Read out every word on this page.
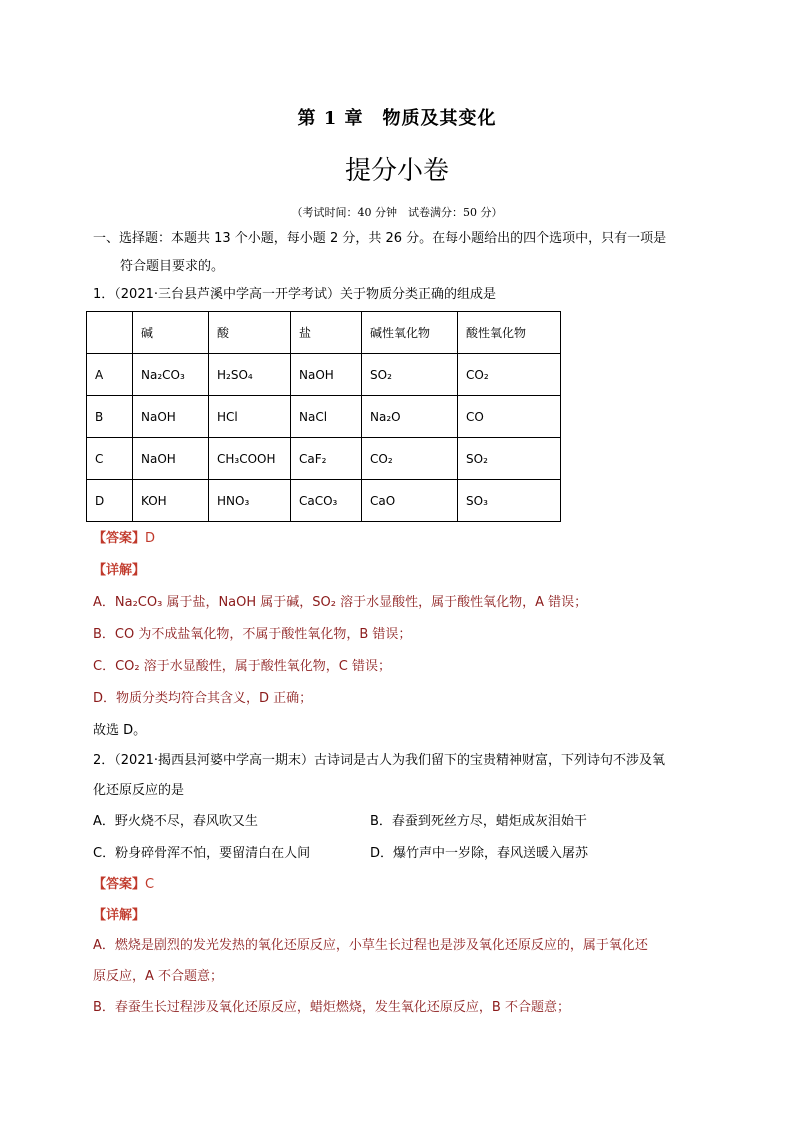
第 1 章　物质及其变化
提分小卷
（考试时间：40 分钟　试卷满分：50 分）
一、选择题：本题共 13 个小题，每小题 2 分，共 26 分。在每小题给出的四个选项中，只有一项是
符合题目要求的。
1．（2021·三台县芦溪中学高一开学考试）关于物质分类正确的组成是
	碱	酸	盐	碱性氧化物	酸性氧化物
A	Na₂CO₃	H₂SO₄	NaOH	SO₂	CO₂
B	NaOH	HCl	NaCl	Na₂O	CO
C	NaOH	CH₃COOH	CaF₂	CO₂	SO₂
D	KOH	HNO₃	CaCO₃	CaO	SO₃
【答案】D
【详解】
A．Na₂CO₃ 属于盐，NaOH 属于碱，SO₂ 溶于水显酸性，属于酸性氧化物，A 错误；
B．CO 为不成盐氧化物，不属于酸性氧化物，B 错误；
C．CO₂ 溶于水显酸性，属于酸性氧化物，C 错误；
D．物质分类均符合其含义，D 正确；
故选 D。
2．（2021·揭西县河婆中学高一期末）古诗词是古人为我们留下的宝贵精神财富，下列诗句不涉及氧
化还原反应的是
A．野火烧不尽，春风吹又生	B．春蚕到死丝方尽，蜡炬成灰泪始干
C．粉身碎骨浑不怕，要留清白在人间	D．爆竹声中一岁除，春风送暖入屠苏
【答案】C
【详解】
A．燃烧是剧烈的发光发热的氧化还原反应，小草生长过程也是涉及氧化还原反应的，属于氧化还
原反应，A 不合题意；
B．春蚕生长过程涉及氧化还原反应，蜡炬燃烧，发生氧化还原反应，B 不合题意；
